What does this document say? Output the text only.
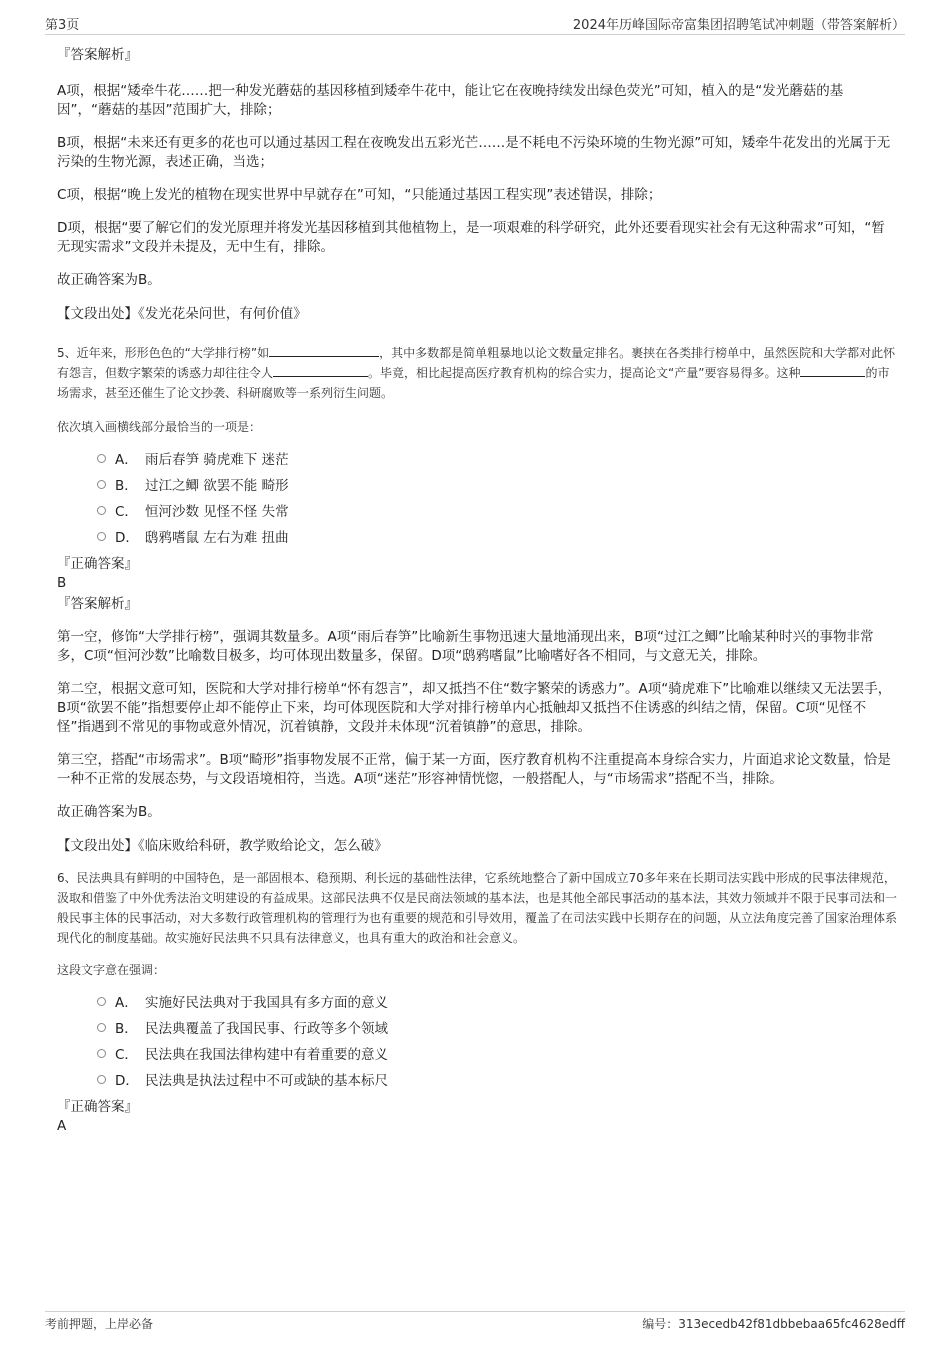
第3页	2024年历峰国际帝富集团招聘笔试冲刺题（带答案解析）

『答案解析』

A项，根据“矮牵牛花……把一种发光蘑菇的基因移植到矮牵牛花中，能让它在夜晚持续发出绿色荧光”可知，植入的是“发光蘑菇的基因”，“蘑菇的基因”范围扩大，排除；

B项，根据“未来还有更多的花也可以通过基因工程在夜晚发出五彩光芒……是不耗电不污染环境的生物光源”可知，矮牵牛花发出的光属于无污染的生物光源，表述正确，当选；

C项，根据“晚上发光的植物在现实世界中早就存在”可知，“只能通过基因工程实现”表述错误，排除；

D项，根据“要了解它们的发光原理并将发光基因移植到其他植物上，是一项艰难的科学研究，此外还要看现实社会有无这种需求”可知，“暂无现实需求”文段并未提及，无中生有，排除。

故正确答案为B。

【文段出处】《发光花朵问世，有何价值》

5、近年来，形形色色的“大学排行榜”如	，其中多数都是简单粗暴地以论文数量定排名。裹挟在各类排行榜单中，虽然医院和大学都对此怀有怨言，但数字繁荣的诱惑力却往往令人	。毕竟，相比起提高医疗教育机构的综合实力，提高论文“产量”要容易得多。这种	的市场需求，甚至还催生了论文抄袭、科研腐败等一系列衍生问题。

依次填入画横线部分最恰当的一项是：

A． 雨后春笋 骑虎难下 迷茫
B． 过江之鲫 欲罢不能 畸形
C． 恒河沙数 见怪不怪 失常
D． 鸱鸦嗜鼠 左右为难 扭曲

『正确答案』

B

『答案解析』

第一空，修饰“大学排行榜”，强调其数量多。A项“雨后春笋”比喻新生事物迅速大量地涌现出来，B项“过江之鲫”比喻某种时兴的事物非常多，C项“恒河沙数”比喻数目极多，均可体现出数量多，保留。D项“鸱鸦嗜鼠”比喻嗜好各不相同，与文意无关，排除。

第二空，根据文意可知，医院和大学对排行榜单“怀有怨言”，却又抵挡不住“数字繁荣的诱惑力”。A项“骑虎难下”比喻难以继续又无法罢手，B项“欲罢不能”指想要停止却不能停止下来，均可体现医院和大学对排行榜单内心抵触却又抵挡不住诱惑的纠结之情，保留。C项“见怪不怪”指遇到不常见的事物或意外情况，沉着镇静，文段并未体现“沉着镇静”的意思，排除。

第三空，搭配“市场需求”。B项“畸形”指事物发展不正常，偏于某一方面，医疗教育机构不注重提高本身综合实力，片面追求论文数量，恰是一种不正常的发展态势，与文段语境相符，当选。A项“迷茫”形容神情恍惚，一般搭配人，与“市场需求”搭配不当，排除。

故正确答案为B。

【文段出处】《临床败给科研，教学败给论文，怎么破》

6、民法典具有鲜明的中国特色，是一部固根本、稳预期、利长远的基础性法律，它系统地整合了新中国成立70多年来在长期司法实践中形成的民事法律规范，汲取和借鉴了中外优秀法治文明建设的有益成果。这部民法典不仅是民商法领域的基本法，也是其他全部民事活动的基本法，其效力领域并不限于民事司法和一般民事主体的民事活动，对大多数行政管理机构的管理行为也有重要的规范和引导效用，覆盖了在司法实践中长期存在的问题，从立法角度完善了国家治理体系现代化的制度基础。故实施好民法典不只具有法律意义，也具有重大的政治和社会意义。

这段文字意在强调：

A． 实施好民法典对于我国具有多方面的意义
B． 民法典覆盖了我国民事、行政等多个领域
C． 民法典在我国法律构建中有着重要的意义
D． 民法典是执法过程中不可或缺的基本标尺

『正确答案』

A

考前押题，上岸必备	编号：313ecedb42f81dbbebaa65fc4628edff
